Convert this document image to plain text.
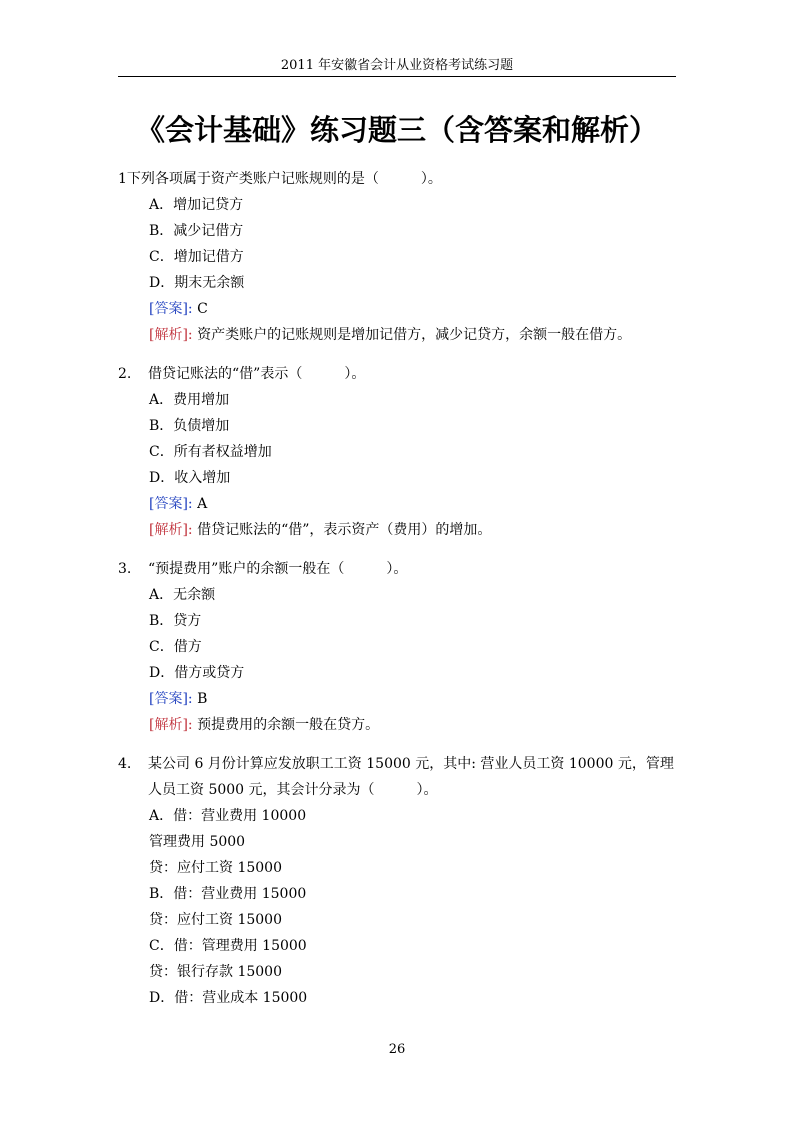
2011 年安徽省会计从业资格考试练习题
《会计基础》练习题三（含答案和解析）
1 下列各项属于资产类账户记账规则的是（　　　）。
A．增加记贷方
B．减少记借方
C．增加记借方
D．期末无余额
[答案]: C
[解析]: 资产类账户的记账规则是增加记借方，减少记贷方，余额一般在借方。
2.	借贷记账法的“借”表示（　　　）。
A．费用增加
B．负债增加
C．所有者权益增加
D．收入增加
[答案]: A
[解析]: 借贷记账法的“借”，表示资产（费用）的增加。
3.	“预提费用”账户的余额一般在（　　　）。
A．无余额
B．贷方
C．借方
D．借方或贷方
[答案]: B
[解析]: 预提费用的余额一般在贷方。
4.	某公司 6 月份计算应发放职工工资 15000 元，其中: 营业人员工资 10000 元，管理人员工资 5000 元，其会计分录为（　　　）。
A．借：营业费用 10000
管理费用 5000
贷：应付工资 15000
B．借：营业费用 15000
贷：应付工资 15000
C．借：管理费用 15000
贷：银行存款 15000
D．借：营业成本 15000
26
